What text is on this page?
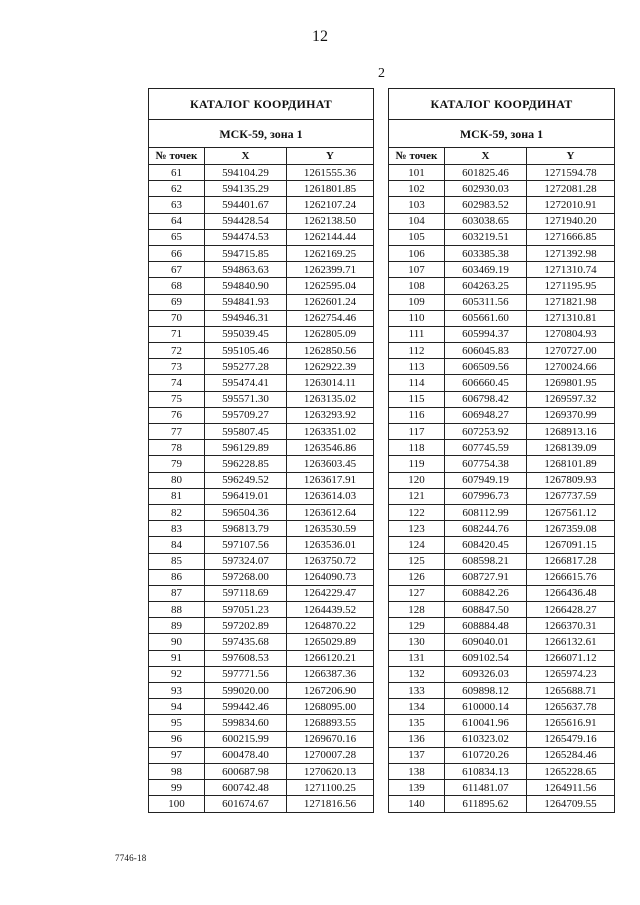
12
2
КАТАЛОГ КООРДИНАТ		
МСК-59, зона 1		
№ точек	X	Y
61	594104.29	1261555.36
62	594135.29	1261801.85
63	594401.67	1262107.24
64	594428.54	1262138.50
65	594474.53	1262144.44
66	594715.85	1262169.25
67	594863.63	1262399.71
68	594840.90	1262595.04
69	594841.93	1262601.24
70	594946.31	1262754.46
71	595039.45	1262805.09
72	595105.46	1262850.56
73	595277.28	1262922.39
74	595474.41	1263014.11
75	595571.30	1263135.02
76	595709.27	1263293.92
77	595807.45	1263351.02
78	596129.89	1263546.86
79	596228.85	1263603.45
80	596249.52	1263617.91
81	596419.01	1263614.03
82	596504.36	1263612.64
83	596813.79	1263530.59
84	597107.56	1263536.01
85	597324.07	1263750.72
86	597268.00	1264090.73
87	597118.69	1264229.47
88	597051.23	1264439.52
89	597202.89	1264870.22
90	597435.68	1265029.89
91	597608.53	1266120.21
92	597771.56	1266387.36
93	599020.00	1267206.90
94	599442.46	1268095.00
95	599834.60	1268893.55
96	600215.99	1269670.16
97	600478.40	1270007.28
98	600687.98	1270620.13
99	600742.48	1271100.25
100	601674.67	1271816.56
КАТАЛОГ КООРДИНАТ		
МСК-59, зона 1		
№ точек	X	Y
101	601825.46	1271594.78
102	602930.03	1272081.28
103	602983.52	1272010.91
104	603038.65	1271940.20
105	603219.51	1271666.85
106	603385.38	1271392.98
107	603469.19	1271310.74
108	604263.25	1271195.95
109	605311.56	1271821.98
110	605661.60	1271310.81
111	605994.37	1270804.93
112	606045.83	1270727.00
113	606509.56	1270024.66
114	606660.45	1269801.95
115	606798.42	1269597.32
116	606948.27	1269370.99
117	607253.92	1268913.16
118	607745.59	1268139.09
119	607754.38	1268101.89
120	607949.19	1267809.93
121	607996.73	1267737.59
122	608112.99	1267561.12
123	608244.76	1267359.08
124	608420.45	1267091.15
125	608598.21	1266817.28
126	608727.91	1266615.76
127	608842.26	1266436.48
128	608847.50	1266428.27
129	608884.48	1266370.31
130	609040.01	1266132.61
131	609102.54	1266071.12
132	609326.03	1265974.23
133	609898.12	1265688.71
134	610000.14	1265637.78
135	610041.96	1265616.91
136	610323.02	1265479.16
137	610720.26	1265284.46
138	610834.13	1265228.65
139	611481.07	1264911.56
140	611895.62	1264709.55
7746-18
